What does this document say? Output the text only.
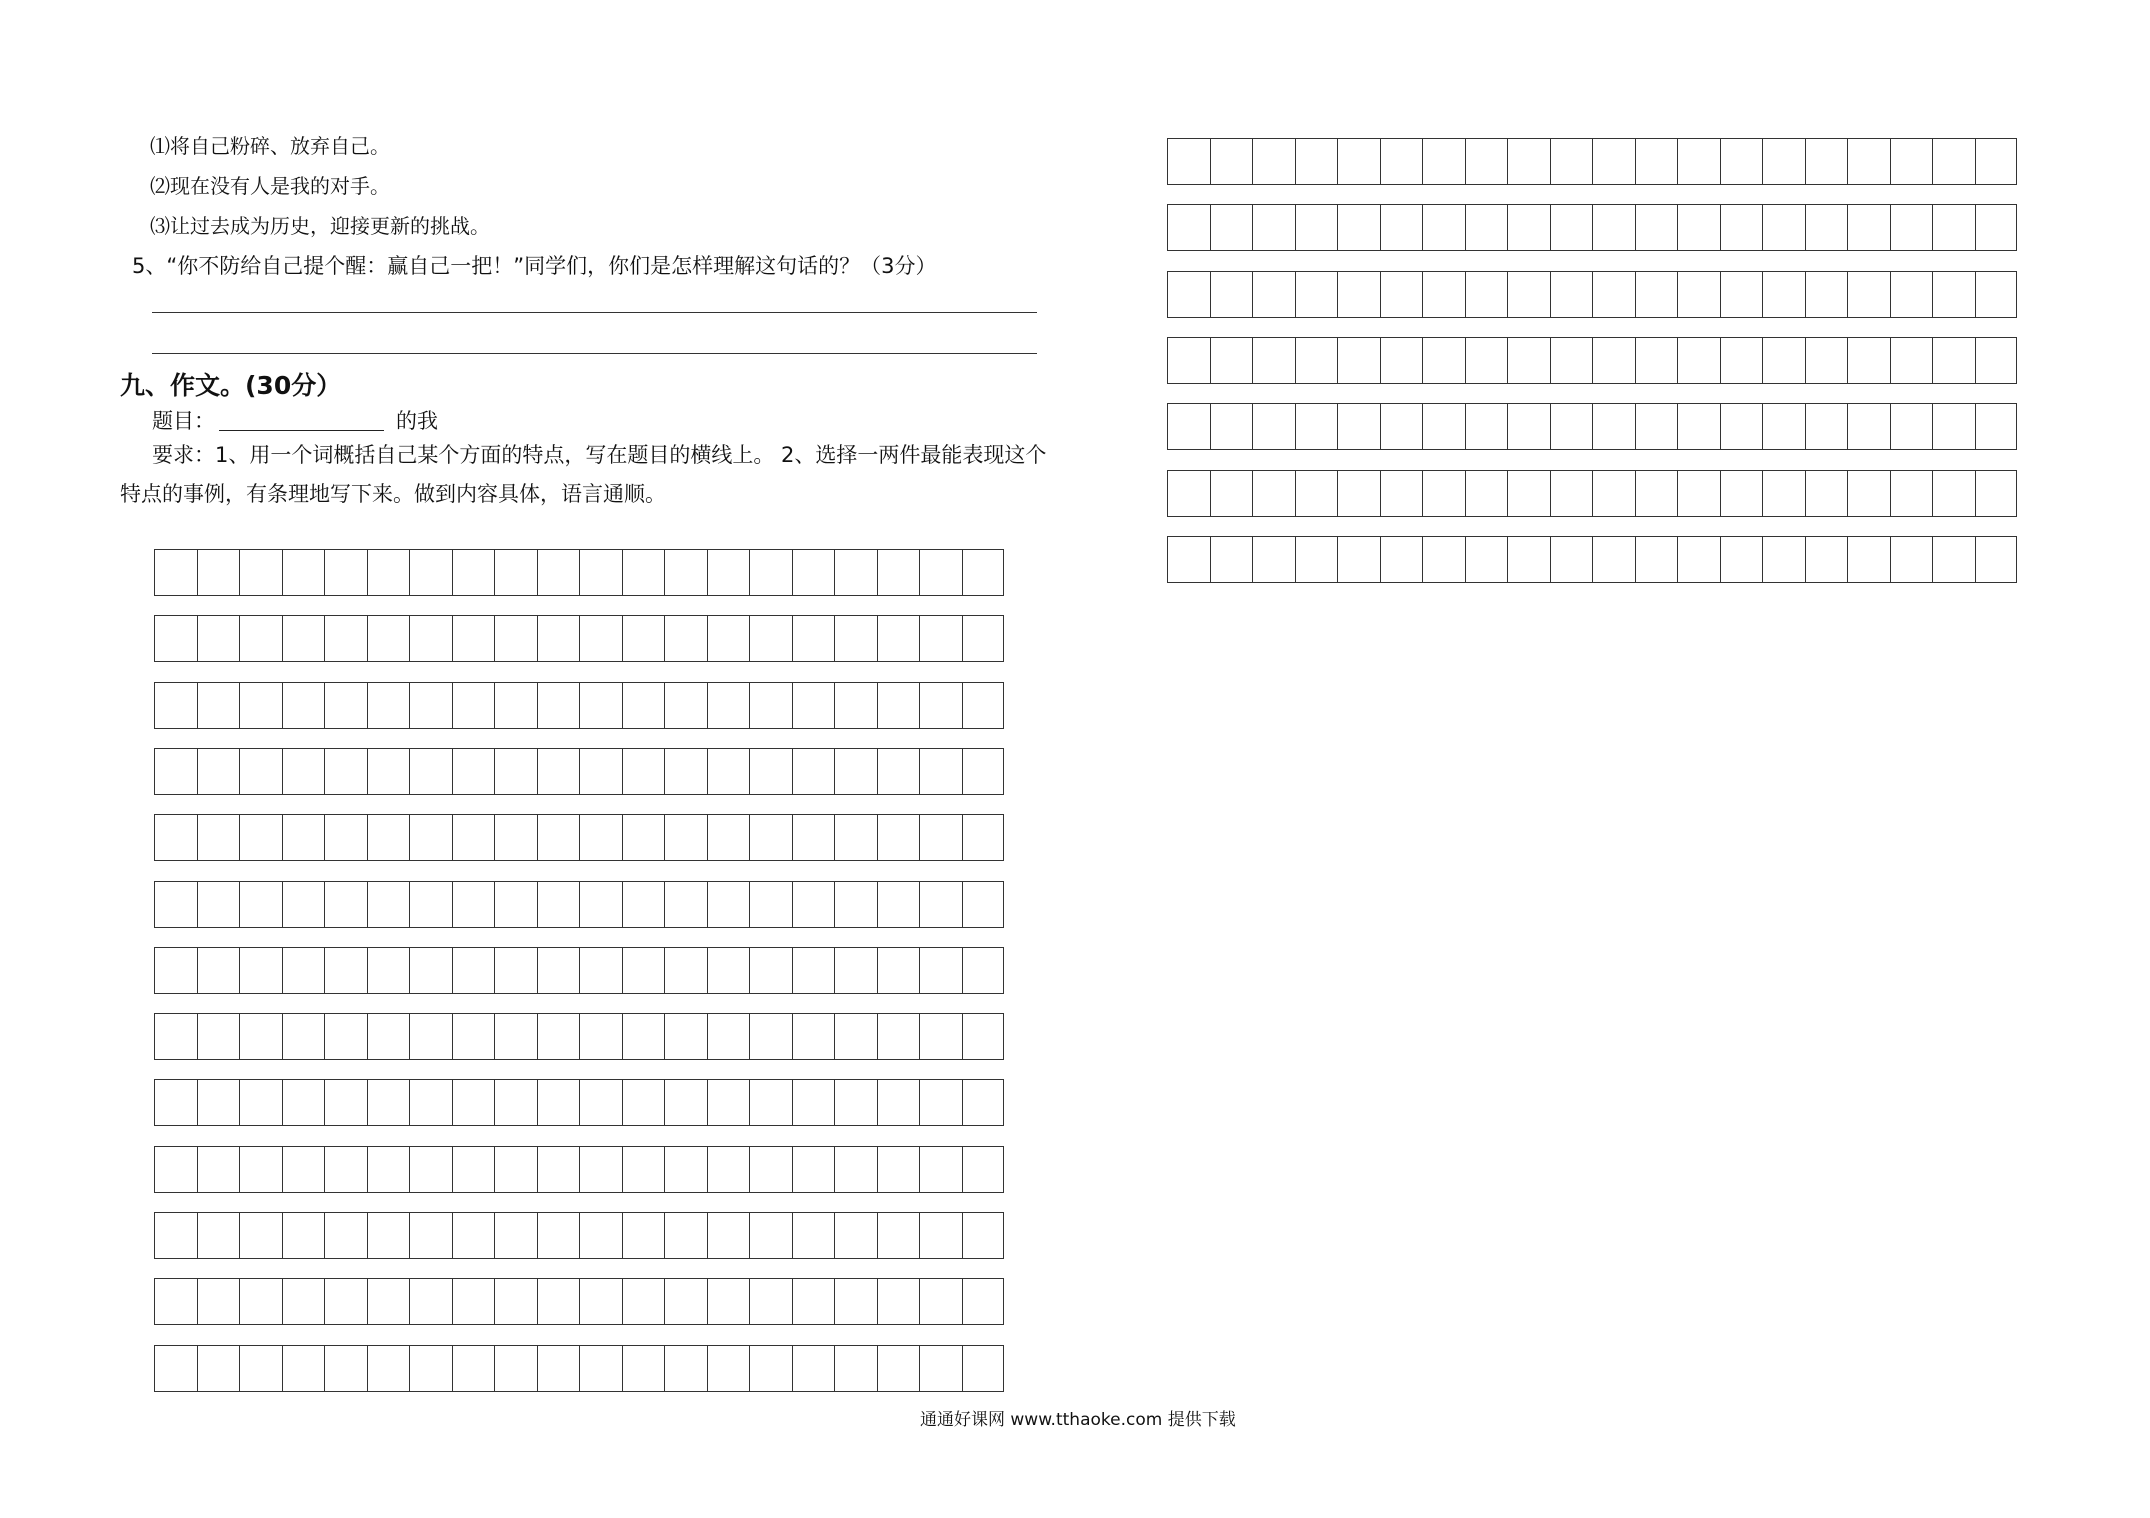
⑴将自己粉碎、放弃自己。
⑵现在没有人是我的对手。
⑶让过去成为历史，迎接更新的挑战。
5、“你不防给自己提个醒：赢自己一把！”同学们，你们是怎样理解这句话的？（3分）
九、作文。(30分）
题目：	的我
要求：1、用一个词概括自己某个方面的特点，写在题目的横线上。 2、选择一两件最能表现这个特点的事例，有条理地写下来。做到内容具体，语言通顺。
通通好课网 www.tthaoke.com 提供下载
